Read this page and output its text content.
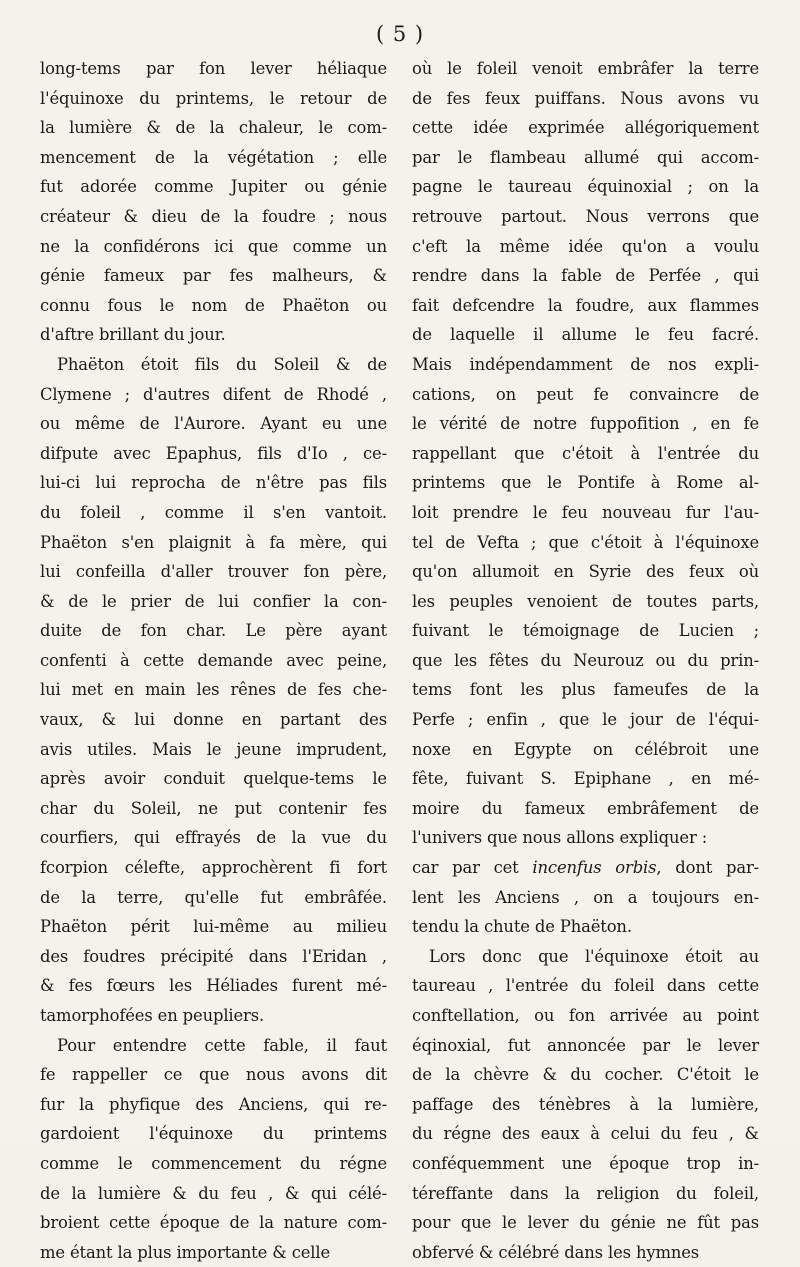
( 5 )
long-tems par fon lever héliaque
l'équinoxe du printems, le retour de
la lumière & de la chaleur, le com-
mencement de la végétation ; elle
fut adorée comme Jupiter ou génie
créateur & dieu de la foudre ; nous
ne la confidérons ici que comme un
génie fameux par fes malheurs, &
connu fous le nom de Phaëton ou
d'aftre brillant du jour.
Phaëton étoit fils du Soleil & de
Clymene ; d'autres difent de Rhodé ,
ou même de l'Aurore. Ayant eu une
difpute avec Epaphus, fils d'Io , ce-
lui-ci lui reprocha de n'être pas fils
du foleil , comme il s'en vantoit.
Phaëton s'en plaignit à fa mère, qui
lui confeilla d'aller trouver fon père,
& de le prier de lui confier la con-
duite de fon char. Le père ayant
confenti à cette demande avec peine,
lui met en main les rênes de fes che-
vaux, & lui donne en partant des
avis utiles. Mais le jeune imprudent,
après avoir conduit quelque-tems le
char du Soleil, ne put contenir fes
courfiers, qui effrayés de la vue du
fcorpion célefte, approchèrent fi fort
de la terre, qu'elle fut embrâfée.
Phaëton périt lui-même au milieu
des foudres précipité dans l'Eridan ,
& fes fœurs les Héliades furent mé-
tamorphofées en peupliers.
Pour entendre cette fable, il faut
fe rappeller ce que nous avons dit
fur la phyfique des Anciens, qui re-
gardoient l'équinoxe du printems
comme le commencement du régne
de la lumière & du feu , & qui célé-
broient cette époque de la nature com-
me étant la plus importante & celle
où le foleil venoit embrâfer la terre
de fes feux puiffans. Nous avons vu
cette idée exprimée allégoriquement
par le flambeau allumé qui accom-
pagne le taureau équinoxial ; on la
retrouve partout. Nous verrons que
c'eft la même idée qu'on a voulu
rendre dans la fable de Perfée , qui
fait defcendre la foudre, aux flammes
de laquelle il allume le feu facré.
Mais indépendamment de nos expli-
cations, on peut fe convaincre de
le vérité de notre fuppofition , en fe
rappellant que c'étoit à l'entrée du
printems que le Pontife à Rome al-
loit prendre le feu nouveau fur l'au-
tel de Vefta ; que c'étoit à l'équinoxe
qu'on allumoit en Syrie des feux où
les peuples venoient de toutes parts,
fuivant le témoignage de Lucien ;
que les fêtes du Neurouz ou du prin-
tems font les plus fameufes de la
Perfe ; enfin , que le jour de l'équi-
noxe en Egypte on célébroit une
fête, fuivant S. Epiphane , en mé-
moire du fameux embrâfement de
l'univers que nous allons expliquer :
car par cet incenfus orbis, dont par-
lent les Anciens , on a toujours en-
tendu la chute de Phaëton.
Lors donc que l'équinoxe étoit au
taureau , l'entrée du foleil dans cette
conftellation, ou fon arrivée au point
éqinoxial, fut annoncée par le lever
de la chèvre & du cocher. C'étoit le
paffage des ténèbres à la lumière,
du régne des eaux à celui du feu , &
conféquemment une époque trop in-
téreffante dans la religion du foleil,
pour que le lever du génie ne fût pas
obfervé & célébré dans les hymnes
